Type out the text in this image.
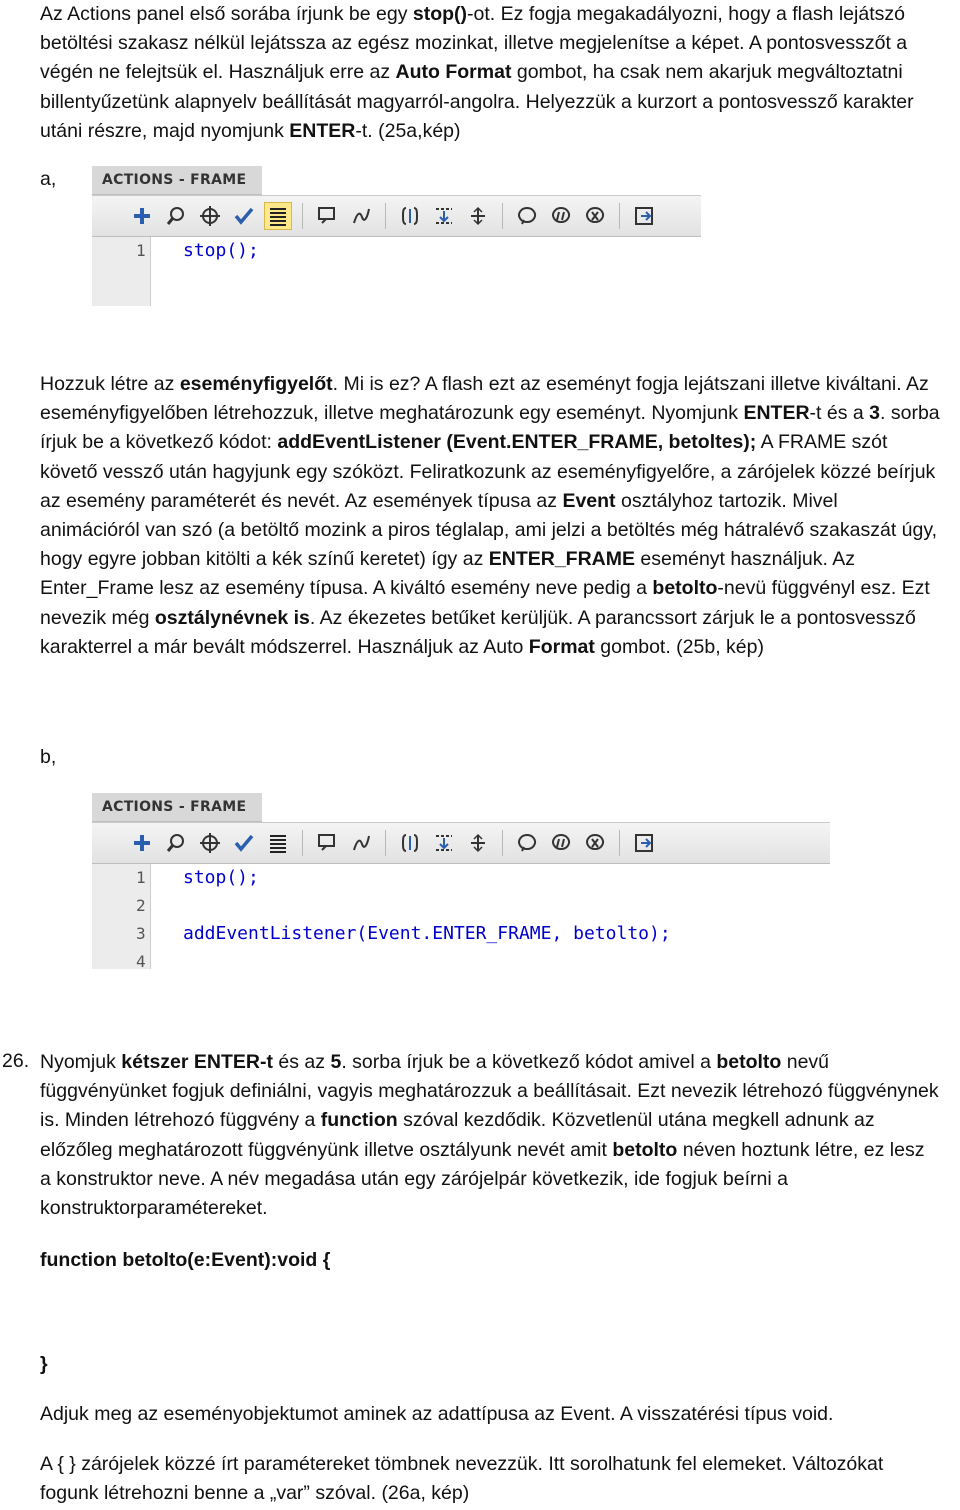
Az Actions panel első sorába írjunk be egy stop()-ot. Ez fogja megakadályozni, hogy a flash lejátszó betöltési szakasz nélkül lejátssza az egész mozinkat, illetve megjelenítse a képet. A pontosvesszőt a végén ne felejtsük el. Használjuk erre az Auto Format gombot, ha csak nem akarjuk megváltoztatni billentyűzetünk alapnyelv beállítását magyarról-angolra. Helyezzük a kurzort a pontosvessző karakter utáni részre, majd nyomjunk ENTER-t. (25a,kép)

a,	ACTIONS - FRAME
1 stop();

Hozzuk létre az eseményfigyelőt. Mi is ez? A flash ezt az eseményt fogja lejátszani illetve kiváltani. Az eseményfigyelőben létrehozzuk, illetve meghatározunk egy eseményt. Nyomjunk ENTER-t és a 3. sorba írjuk be a következő kódot: addEventListener (Event.ENTER_FRAME, betoltes); A FRAME szót követő vessző után hagyjunk egy szóközt. Feliratkozunk az eseményfigyelőre, a zárójelek közzé beírjuk az esemény paraméterét és nevét. Az események típusa az Event osztályhoz tartozik. Mivel animációról van szó (a betöltő mozink a piros téglalap, ami jelzi a betöltés még hátralévő szakaszát úgy, hogy egyre jobban kitölti a kék színű keretet) így az ENTER_FRAME eseményt használjuk. Az Enter_Frame lesz az esemény típusa. A kiváltó esemény neve pedig a betolto-nevü függvényl esz. Ezt nevezik még osztálynévnek is. Az ékezetes betűket kerüljük. A parancssort zárjuk le a pontosvessző karakterrel a már bevált módszerrel. Használjuk az Auto Format gombot. (25b, kép)

b,
ACTIONS - FRAME
1
2
3
4
stop();
addEventListener(Event.ENTER_FRAME, betolto);
26. Nyomjuk kétszer ENTER-t és az 5. sorba írjuk be a következő kódot amivel a betolto nevű függvényünket fogjuk definiálni, vagyis meghatározzuk a beállításait. Ezt nevezik létrehozó függvénynek is. Minden létrehozó függvény a function szóval kezdődik. Közvetlenül utána megkell adnunk az előzőleg meghatározott függvényünk illetve osztályunk nevét amit betolto néven hoztunk létre, ez lesz a konstruktor neve. A név megadása után egy zárójelpár következik, ide fogjuk beírni a konstruktorparamétereket.

function betolto(e:Event):void {

}

Adjuk meg az eseményobjektumot aminek az adattípusa az Event. A visszatérési típus void.

A { } zárójelek közzé írt paramétereket tömbnek nevezzük. Itt sorolhatunk fel elemeket. Változókat fogunk létrehozni benne a „var” szóval. (26a, kép)
